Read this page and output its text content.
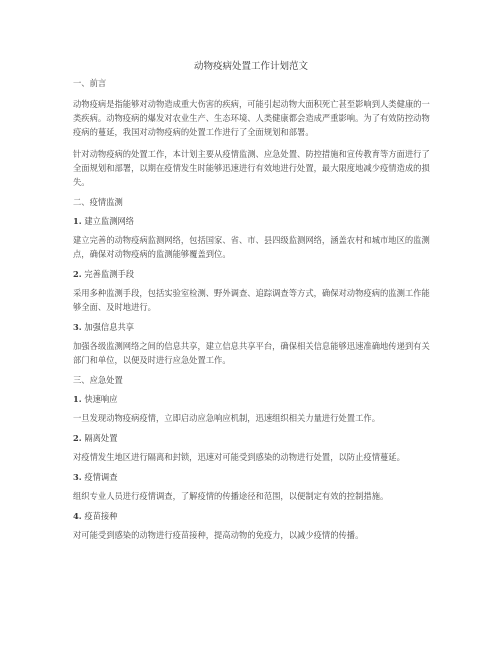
动物疫病处置工作计划范文
一、前言
动物疫病是指能够对动物造成重大伤害的疾病，可能引起动物大面积死亡甚至影响到人类健康的一类疾病。动物疫病的爆发对农业生产、生态环境、人类健康都会造成严重影响。为了有效防控动物疫病的蔓延，我国对动物疫病的处置工作进行了全面规划和部署。
针对动物疫病的处置工作，本计划主要从疫情监测、应急处置、防控措施和宣传教育等方面进行了全面规划和部署，以期在疫情发生时能够迅速进行有效地进行处置，最大限度地减少疫情造成的损失。
二、疫情监测
1. 建立监测网络
建立完善的动物疫病监测网络，包括国家、省、市、县四级监测网络，涵盖农村和城市地区的监测点，确保对动物疫病的监测能够覆盖到位。
2. 完善监测手段
采用多种监测手段，包括实验室检测、野外调查、追踪调查等方式，确保对动物疫病的监测工作能够全面、及时地进行。
3. 加强信息共享
加强各级监测网络之间的信息共享，建立信息共享平台，确保相关信息能够迅速准确地传递到有关部门和单位，以便及时进行应急处置工作。
三、应急处置
1. 快速响应
一旦发现动物疫病疫情，立即启动应急响应机制，迅速组织相关力量进行处置工作。
2. 隔离处置
对疫情发生地区进行隔离和封锁，迅速对可能受到感染的动物进行处置，以防止疫情蔓延。
3. 疫情调查
组织专业人员进行疫情调查，了解疫情的传播途径和范围，以便制定有效的控制措施。
4. 疫苗接种
对可能受到感染的动物进行疫苗接种，提高动物的免疫力，以减少疫情的传播。
